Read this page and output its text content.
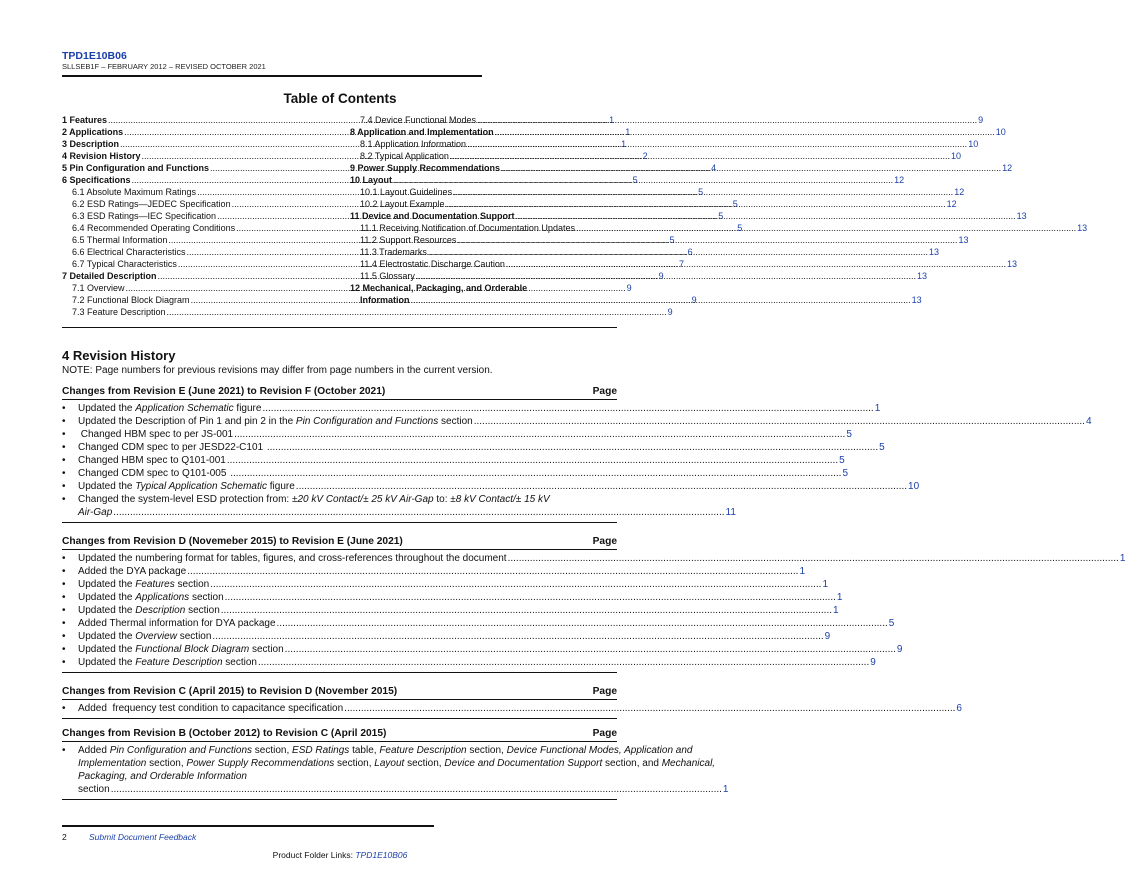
TPD1E10B06
SLLSEB1F – FEBRUARY 2012 – REVISED OCTOBER 2021
Table of Contents
1 Features .....	1
2 Applications .....	1
3 Description .....	1
4 Revision History .....	2
5 Pin Configuration and Functions .....	4
6 Specifications .....	5
6.1 Absolute Maximum Ratings .....	5
6.2 ESD Ratings—JEDEC Specification .....	5
6.3 ESD Ratings—IEC Specification .....	5
6.4 Recommended Operating Conditions .....	5
6.5 Thermal Information .....	5
6.6 Electrical Characteristics .....	6
6.7 Typical Characteristics .....	7
7 Detailed Description .....	9
7.1 Overview .....	9
7.2 Functional Block Diagram .....	9
7.3 Feature Description .....	9
7.4 Device Functional Modes .....	9
8 Application and Implementation .....	10
8.1 Application Information .....	10
8.2 Typical Application .....	10
9 Power Supply Recommendations .....	12
10 Layout .....	12
10.1 Layout Guidelines .....	12
10.2 Layout Example .....	12
11 Device and Documentation Support .....	13
11.1 Receiving Notification of Documentation Updates .....	13
11.2 Support Resources .....	13
11.3 Trademarks .....	13
11.4 Electrostatic Discharge Caution .....	13
11.5 Glossary .....	13
12 Mechanical, Packaging, and Orderable
Information .....	13
4 Revision History
NOTE: Page numbers for previous revisions may differ from page numbers in the current version.
Changes from Revision E (June 2021) to Revision F (October 2021)	Page
•	Updated the Application Schematic figure .....	1
•	Updated the Description of Pin 1 and pin 2 in the Pin Configuration and Functions section .....	4
•	Changed HBM spec to per JS-001 .....	5
•	Changed CDM spec to per JESD22-C101 .....	5
•	Changed HBM spec to Q101-001 .....	5
•	Changed CDM spec to Q101-005 .....	5
•	Updated the Typical Application Schematic figure .....	10
•	Changed the system-level ESD protection from: ±20 kV Contact/± 25 kV Air-Gap to: ±8 kV Contact/± 15 kV
Air-Gap .....	11
Changes from Revision D (Novemeber 2015) to Revision E (June 2021)	Page
•	Updated the numbering format for tables, figures, and cross-references throughout the document .....	1
•	Added the DYA package .....	1
•	Updated the Features section .....	1
•	Updated the Applications section .....	1
•	Updated the Description section .....	1
•	Added Thermal information for DYA package .....	5
•	Updated the Overview section .....	9
•	Updated the Functional Block Diagram section .....	9
•	Updated the Feature Description section .....	9
Changes from Revision C (April 2015) to Revision D (November 2015)	Page
•	Added  frequency test condition to capacitance specification .....	6
Changes from Revision B (October 2012) to Revision C (April 2015)	Page
•	Added Pin Configuration and Functions section, ESD Ratings table, Feature Description section, Device Functional Modes, Application and Implementation section, Power Supply Recommendations section, Layout section, Device and Documentation Support section, and Mechanical, Packaging, and Orderable Information
section .....	1
2	Submit Document Feedback
Product Folder Links: TPD1E10B06
